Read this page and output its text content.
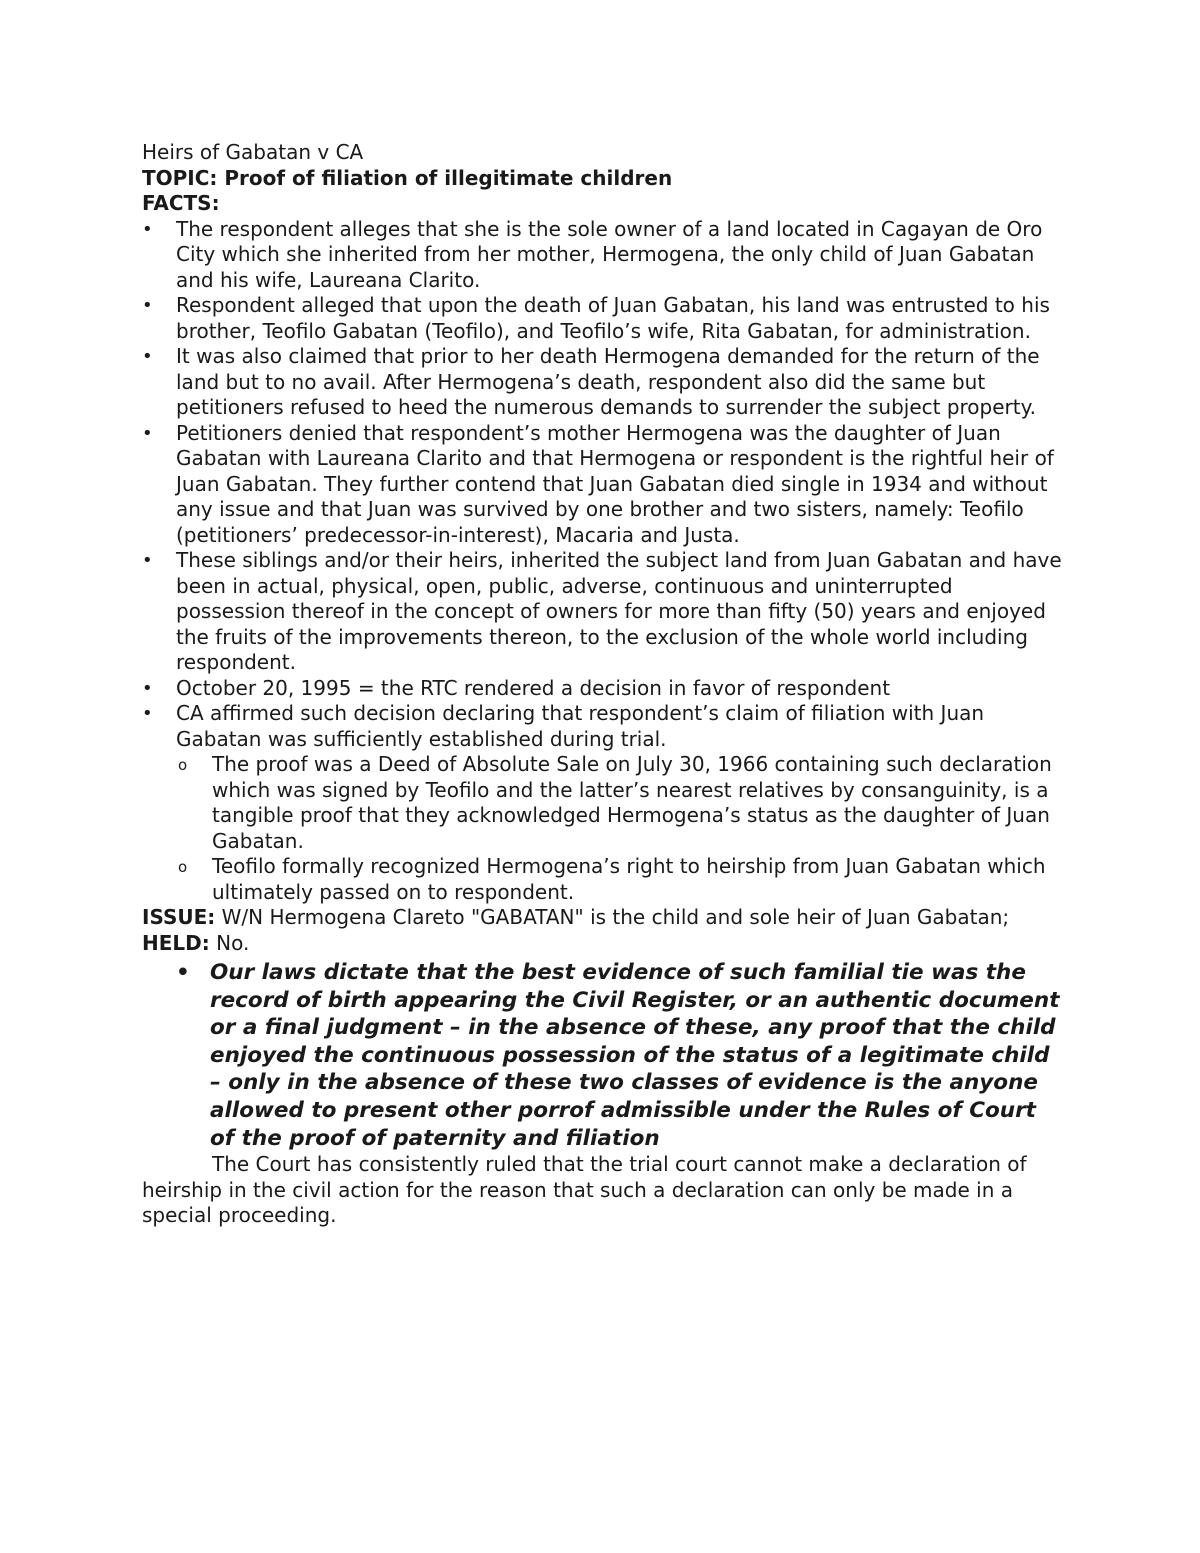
Heirs of Gabatan v CA

TOPIC: Proof of filiation of illegitimate children

FACTS:

•	The respondent alleges that she is the sole owner of a land located in Cagayan de Oro City which she inherited from her mother, Hermogena, the only child of Juan Gabatan and his wife, Laureana Clarito.
•	Respondent alleged that upon the death of Juan Gabatan, his land was entrusted to his brother, Teofilo Gabatan (Teofilo), and Teofilo’s wife, Rita Gabatan, for administration.
•	It was also claimed that prior to her death Hermogena demanded for the return of the land but to no avail. After Hermogena’s death, respondent also did the same but petitioners refused to heed the numerous demands to surrender the subject property.
•	Petitioners denied that respondent’s mother Hermogena was the daughter of Juan Gabatan with Laureana Clarito and that Hermogena or respondent is the rightful heir of Juan Gabatan. They further contend that Juan Gabatan died single in 1934 and without any issue and that Juan was survived by one brother and two sisters, namely: Teofilo (petitioners’ predecessor-in-interest), Macaria and Justa.
•	These siblings and/or their heirs, inherited the subject land from Juan Gabatan and have been in actual, physical, open, public, adverse, continuous and uninterrupted possession thereof in the concept of owners for more than fifty (50) years and enjoyed the fruits of the improvements thereon, to the exclusion of the whole world including respondent.
•	October 20, 1995 = the RTC rendered a decision in favor of respondent
•	CA affirmed such decision declaring that respondent’s claim of filiation with Juan Gabatan was sufficiently established during trial.
o The proof was a Deed of Absolute Sale on July 30, 1966 containing such declaration which was signed by Teofilo and the latter’s nearest relatives by consanguinity, is a tangible proof that they acknowledged Hermogena’s status as the daughter of Juan Gabatan.
o Teofilo formally recognized Hermogena’s right to heirship from Juan Gabatan which ultimately passed on to respondent.

ISSUE: W/N Hermogena Clareto "GABATAN" is the child and sole heir of Juan Gabatan;

HELD: No.

• Our laws dictate that the best evidence of such familial tie was the record of birth appearing the Civil Register, or an authentic document or a final judgment – in the absence of these, any proof that the child enjoyed the continuous possession of the status of a legitimate child – only in the absence of these two classes of evidence is the anyone allowed to present other porrof admissible under the Rules of Court of the proof of paternity and filiation

The Court has consistently ruled that the trial court cannot make a declaration of heirship in the civil action for the reason that such a declaration can only be made in a special proceeding.
